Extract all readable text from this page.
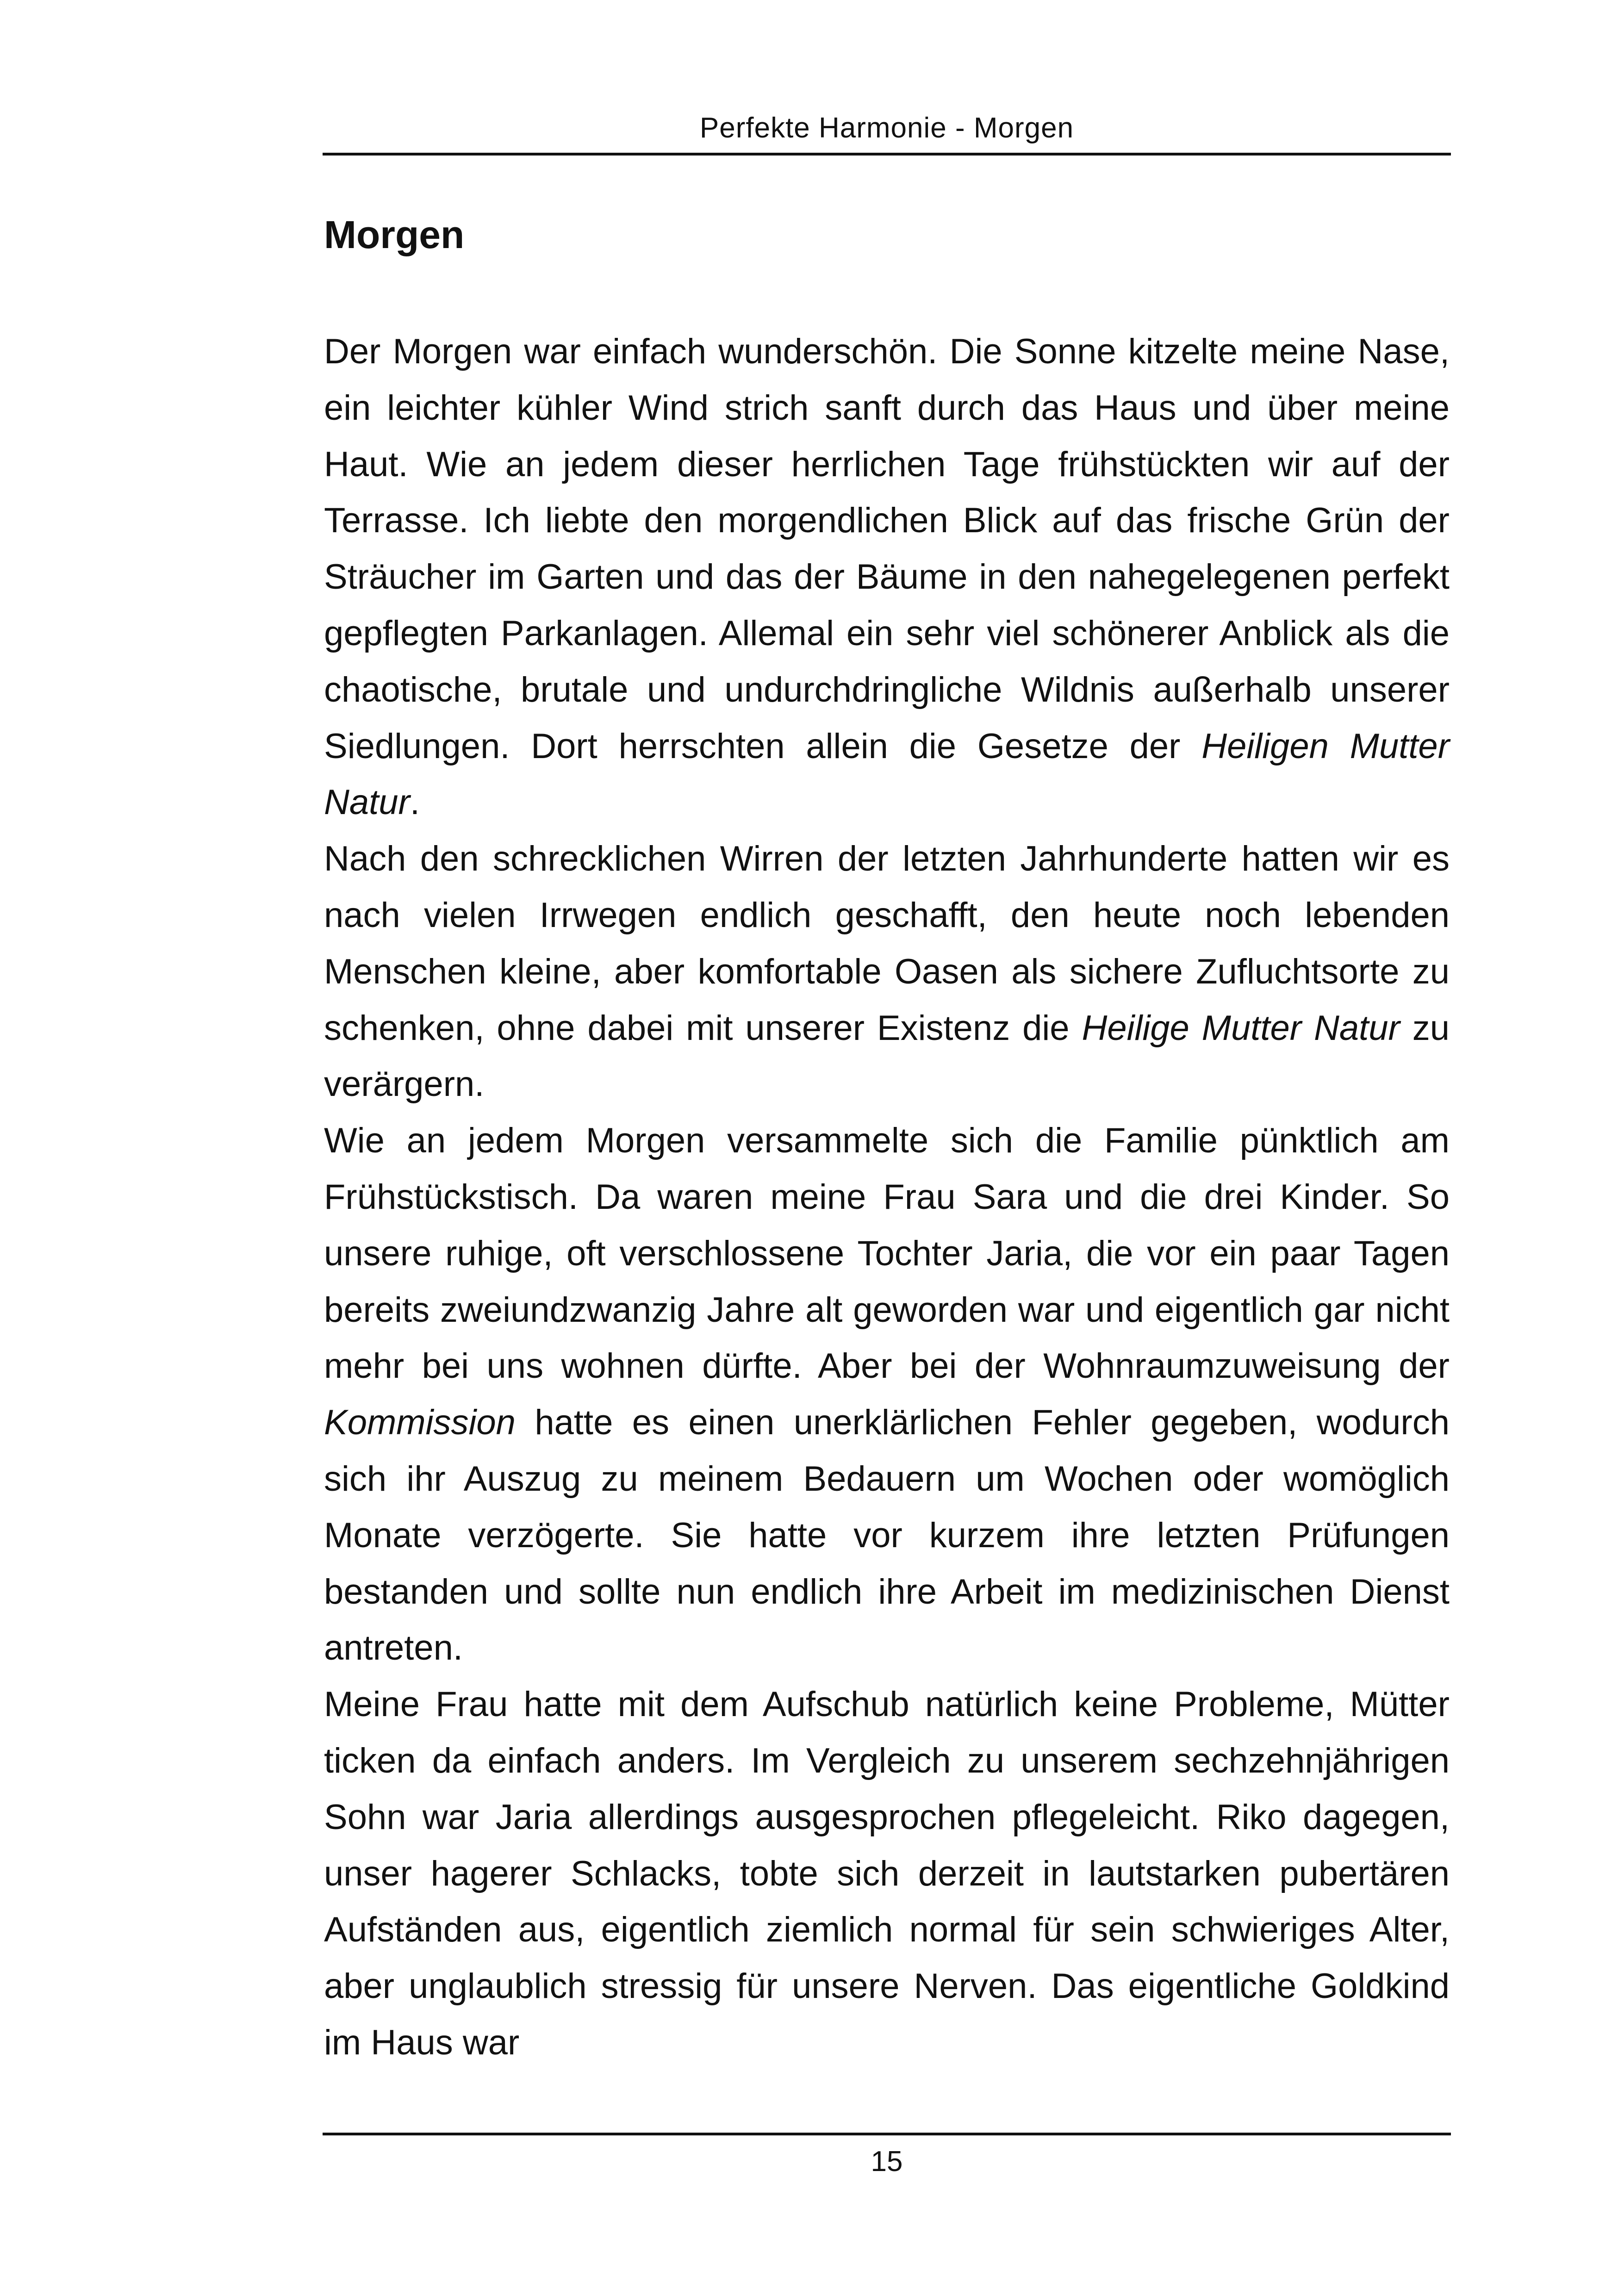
Perfekte Harmonie - Morgen
Morgen

Der Morgen war einfach wunderschön. Die Sonne kitzelte meine Nase, ein leichter kühler Wind strich sanft durch das Haus und über meine Haut. Wie an jedem dieser herrlichen Tage frühstückten wir auf der Terrasse. Ich liebte den morgendlichen Blick auf das frische Grün der Sträucher im Garten und das der Bäume in den nahegelegenen perfekt gepflegten Parkanlagen. Allemal ein sehr viel schönerer Anblick als die chaotische, brutale und undurchdringliche Wildnis außerhalb unserer Siedlungen. Dort herrschten allein die Gesetze der Heiligen Mutter Natur.

Nach den schrecklichen Wirren der letzten Jahrhunderte hatten wir es nach vielen Irrwegen endlich geschafft, den heute noch lebenden Menschen kleine, aber komfortable Oasen als sichere Zufluchtsorte zu schenken, ohne dabei mit unserer Existenz die Heilige Mutter Natur zu verärgern.

Wie an jedem Morgen versammelte sich die Familie pünktlich am Frühstückstisch. Da waren meine Frau Sara und die drei Kinder. So unsere ruhige, oft verschlossene Tochter Jaria, die vor ein paar Tagen bereits zweiundzwanzig Jahre alt geworden war und eigentlich gar nicht mehr bei uns wohnen dürfte. Aber bei der Wohnraumzuweisung der Kommission hatte es einen unerklärlichen Fehler gegeben, wodurch sich ihr Auszug zu meinem Bedauern um Wochen oder womöglich Monate verzögerte. Sie hatte vor kurzem ihre letzten Prüfungen bestanden und sollte nun endlich ihre Arbeit im medizinischen Dienst antreten.

Meine Frau hatte mit dem Aufschub natürlich keine Probleme, Mütter ticken da einfach anders. Im Vergleich zu unserem sechzehnjährigen Sohn war Jaria allerdings ausgesprochen pflegeleicht. Riko dagegen, unser hagerer Schlacks, tobte sich derzeit in lautstarken pubertären Aufständen aus, eigentlich ziemlich normal für sein schwieriges Alter, aber unglaublich stressig für unsere Nerven. Das eigentliche Goldkind im Haus war

15
